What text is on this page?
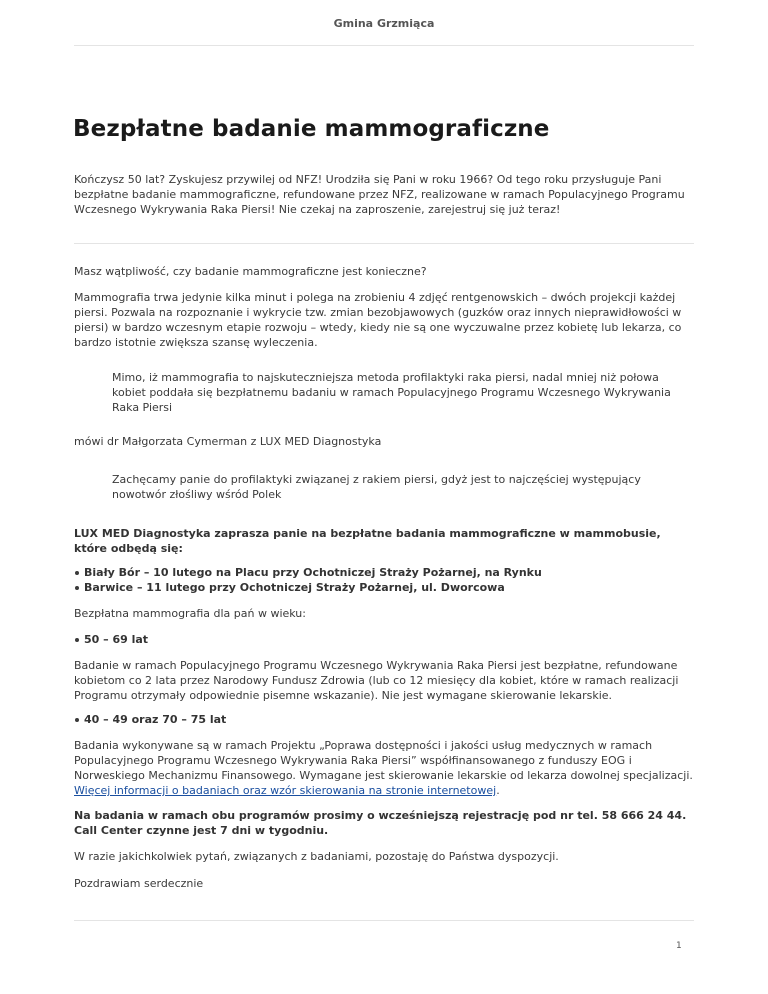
Gmina Grzmiąca
Bezpłatne badanie mammograficzne

Kończysz 50 lat? Zyskujesz przywilej od NFZ! Urodziła się Pani w roku 1966? Od tego roku przysługuje Pani bezpłatne badanie mammograficzne, refundowane przez NFZ, realizowane w ramach Populacyjnego Programu Wczesnego Wykrywania Raka Piersi! Nie czekaj na zaproszenie, zarejestruj się już teraz!

Masz wątpliwość, czy badanie mammograficzne jest konieczne?

Mammografia trwa jedynie kilka minut i polega na zrobieniu 4 zdjęć rentgenowskich – dwóch projekcji każdej piersi. Pozwala na rozpoznanie i wykrycie tzw. zmian bezobjawowych (guzków oraz innych nieprawidłowości w piersi) w bardzo wczesnym etapie rozwoju – wtedy, kiedy nie są one wyczuwalne przez kobietę lub lekarza, co bardzo istotnie zwiększa szansę wyleczenia.

Mimo, iż mammografia to najskuteczniejsza metoda profilaktyki raka piersi, nadal mniej niż połowa kobiet poddała się bezpłatnemu badaniu w ramach Populacyjnego Programu Wczesnego Wykrywania Raka Piersi

mówi dr Małgorzata Cymerman z LUX MED Diagnostyka

Zachęcamy panie do profilaktyki związanej z rakiem piersi, gdyż jest to najczęściej występujący nowotwór złośliwy wśród Polek

LUX MED Diagnostyka zaprasza panie na bezpłatne badania mammograficzne w mammobusie, które odbędą się:

Biały Bór – 10 lutego na Placu przy Ochotniczej Straży Pożarnej, na Rynku
Barwice – 11 lutego przy Ochotniczej Straży Pożarnej, ul. Dworcowa

Bezpłatna mammografia dla pań w wieku:

50 – 69 lat

Badanie w ramach Populacyjnego Programu Wczesnego Wykrywania Raka Piersi jest bezpłatne, refundowane kobietom co 2 lata przez Narodowy Fundusz Zdrowia (lub co 12 miesięcy dla kobiet, które w ramach realizacji Programu otrzymały odpowiednie pisemne wskazanie). Nie jest wymagane skierowanie lekarskie.

40 – 49 oraz 70 – 75 lat

Badania wykonywane są w ramach Projektu „Poprawa dostępności i jakości usług medycznych w ramach Populacyjnego Programu Wczesnego Wykrywania Raka Piersi” współfinansowanego z funduszy EOG i Norweskiego Mechanizmu Finansowego. Wymagane jest skierowanie lekarskie od lekarza dowolnej specjalizacji. Więcej informacji o badaniach oraz wzór skierowania na stronie internetowej.

Na badania w ramach obu programów prosimy o wcześniejszą rejestrację pod nr tel. 58 666 24 44. Call Center czynne jest 7 dni w tygodniu.

W razie jakichkolwiek pytań, związanych z badaniami, pozostaję do Państwa dyspozycji.

Pozdrawiam serdecznie

1
